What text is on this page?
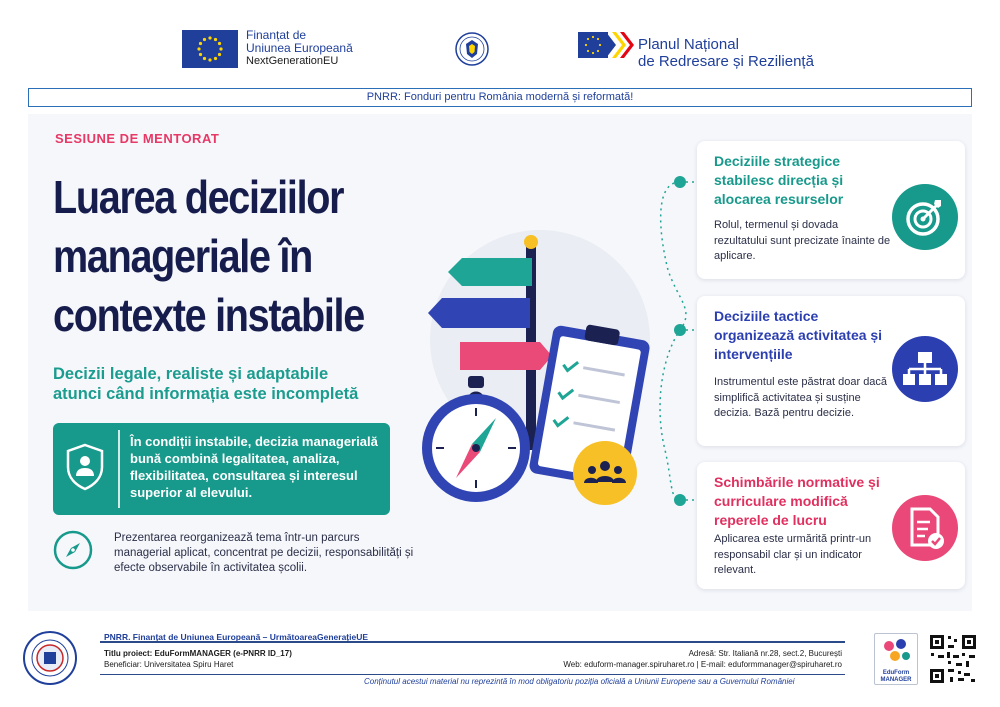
Finanțat de
Uniunea Europeană
NextGenerationEU
Planul Național
de Redresare și Reziliență
PNRR: Fonduri pentru România modernă și reformată!
SESIUNE DE MENTORAT
Luarea deciziilor
manageriale în
contexte instabile
Decizii legale, realiste și adaptabile
atunci când informația este incompletă
În condiții instabile, decizia managerială bună combină legalitatea, analiza, flexibilitatea, consultarea și interesul superior al elevului.
Prezentarea reorganizează tema într-un parcurs managerial aplicat, concentrat pe decizii, responsabilități și efecte observabile în activitatea școlii.
Deciziile strategice stabilesc direcția și alocarea resurselor
Rolul, termenul și dovada rezultatului sunt precizate înainte de aplicare.
Deciziile tactice organizează activitatea și intervențiile
Instrumentul este păstrat doar dacă simplifică activitatea și susține decizia. Bază pentru decizie.
Schimbările normative și curriculare modifică reperele de lucru
Aplicarea este urmărită printr-un responsabil clar și un indicator relevant.
PNRR. Finanțat de Uniunea Europeană – UrmătoareaGenerațieUE
Titlu proiect: EduFormMANAGER (e-PNRR ID_17)
Beneficiar: Universitatea Spiru Haret
Adresă: Str. Italiană nr.28, sect.2, București
Web: eduform-manager.spiruharet.ro | E-mail: eduformmanager@spiruharet.ro
Conținutul acestui material nu reprezintă în mod obligatoriu poziția oficială a Uniunii Europene sau a Guvernului României
EduForm
MANAGER
